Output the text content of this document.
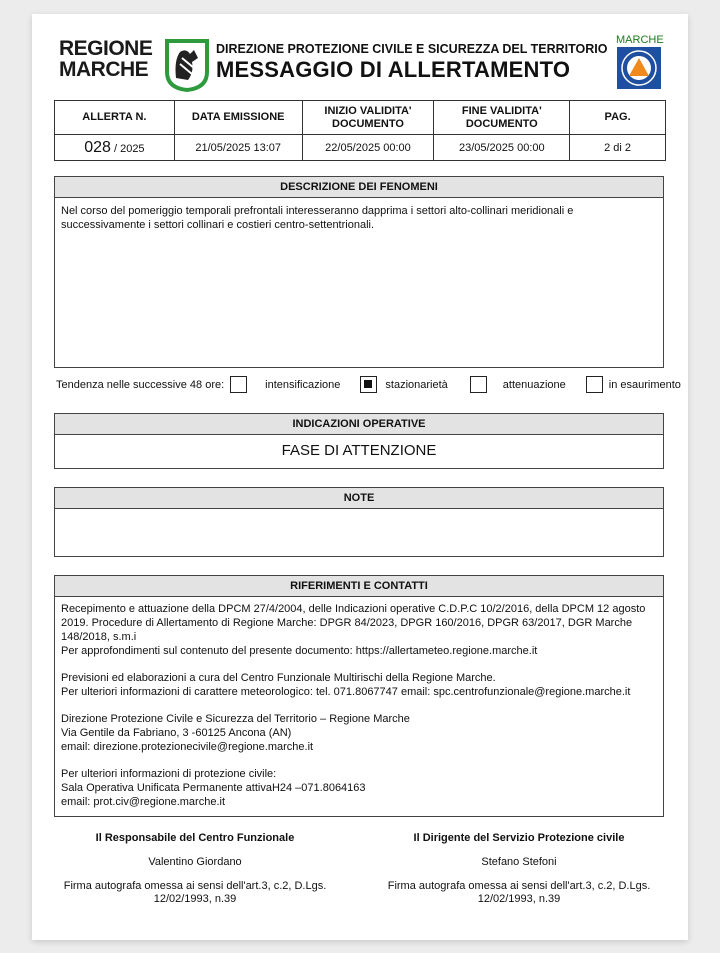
REGIONE
MARCHE
DIREZIONE PROTEZIONE CIVILE E SICUREZZA DEL TERRITORIO
MESSAGGIO DI ALLERTAMENTO
MARCHE
ALLERTA N.	DATA EMISSIONE	INIZIO VALIDITA' DOCUMENTO	FINE VALIDITA' DOCUMENTO	PAG.
028 / 2025	21/05/2025 13:07	22/05/2025 00:00	23/05/2025 00:00	2 di 2
DESCRIZIONE DEI FENOMENI
Nel corso del pomeriggio temporali prefrontali interesseranno dapprima i settori alto-collinari meridionali e successivamente i settori collinari e costieri centro-settentrionali.
Tendenza nelle successive 48 ore:	intensificazione	stazionarietà	attenuazione	in esaurimento
INDICAZIONI OPERATIVE
FASE DI ATTENZIONE
NOTE
RIFERIMENTI E CONTATTI

Recepimento e attuazione della DPCM 27/4/2004, delle Indicazioni operative C.D.P.C 10/2/2016, della DPCM 12 agosto
2019. Procedure di Allertamento di Regione Marche: DPGR 84/2023, DPGR 160/2016, DPGR 63/2017, DGR Marche
148/2018, s.m.i
Per approfondimenti sul contenuto del presente documento: https://allertameteo.regione.marche.it

Previsioni ed elaborazioni a cura del Centro Funzionale Multirischi della Regione Marche.
Per ulteriori informazioni di carattere meteorologico: tel. 071.8067747 email: spc.centrofunzionale@regione.marche.it

Direzione Protezione Civile e Sicurezza del Territorio – Regione Marche
Via Gentile da Fabriano, 3 -60125 Ancona (AN)
email: direzione.protezionecivile@regione.marche.it

Per ulteriori informazioni di protezione civile:
Sala Operativa Unificata Permanente attivaH24 –071.8064163
email: prot.civ@regione.marche.it

Il Responsabile del Centro Funzionale
Valentino Giordano
Firma autografa omessa ai sensi dell'art.3, c.2, D.Lgs.
12/02/1993, n.39
Il Dirigente del Servizio Protezione civile
Stefano Stefoni
Firma autografa omessa ai sensi dell'art.3, c.2, D.Lgs.
12/02/1993, n.39
